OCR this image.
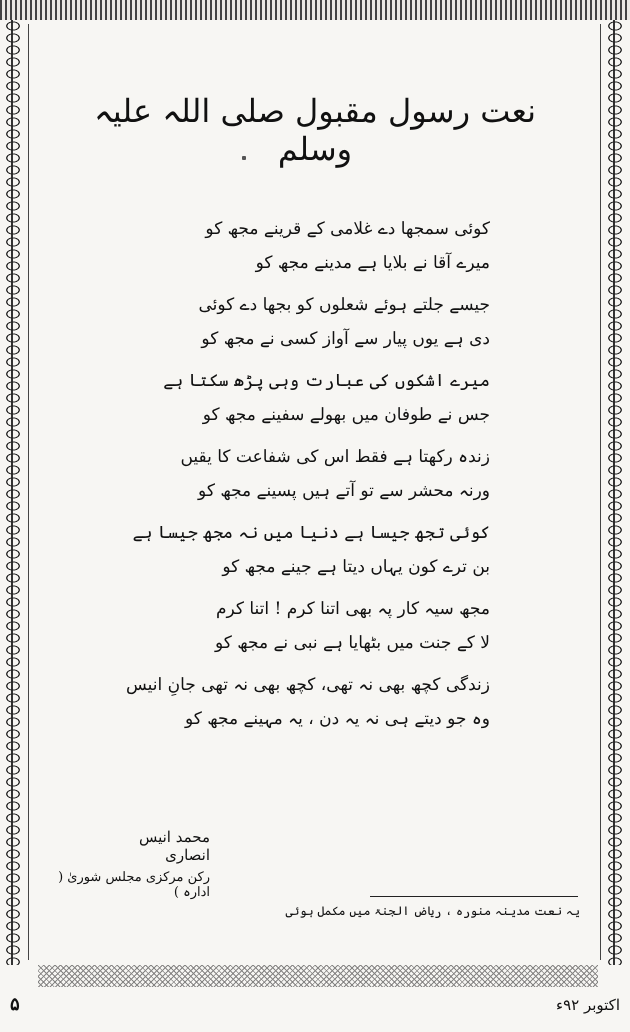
نعت رسول مقبول صلی اللہ علیہ وسلم
کوئی سمجھا دے غلامی کے قرینے مجھ کو
میرے آقا نے بلایا ہے مدینے مجھ کو
جیسے جلتے ہوئے شعلوں کو بجھا دے کوئی
دی ہے یوں پیار سے آواز کسی نے مجھ کو
میرے اشکوں کی عبارت وہی پڑھ سکتا ہے
جس نے طوفان میں بھولے سفینے مجھ کو
زندہ رکھتا ہے فقط اس کی شفاعت کا یقیں
ورنہ محشر سے تو آتے ہیں پسینے مجھ کو
کوئی تجھ جیسا ہے دنیا میں نہ مجھ جیسا ہے
بن ترے کون یہاں دیتا ہے جینے مجھ کو
مجھ سیہ کار پہ بھی اتنا کرم ! اتنا کرم
لا کے جنت میں بٹھایا ہے نبی نے مجھ کو
زندگی کچھ بھی نہ تھی، کچھ بھی نہ تھی جانِ انیس
وہ جو دیتے ہی نہ یہ دن ، یہ مہینے مجھ کو

محمد انیس انصاری

رکن مرکزی مجلس شوریٰ ( ادارہ )

یہ نعت مدینہ منورہ ، ریاض الجنۃ میں مکمل ہوئی

۵	اکتوبر ۹۲ء
